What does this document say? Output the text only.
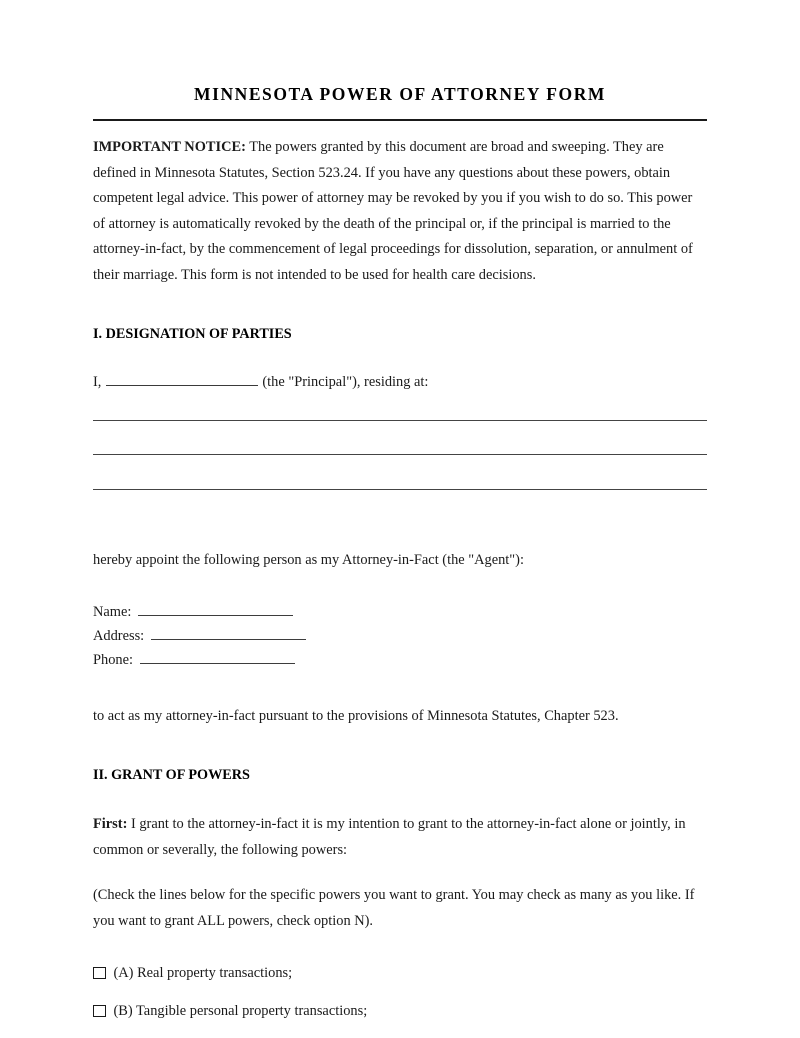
MINNESOTA POWER OF ATTORNEY FORM

IMPORTANT NOTICE: The powers granted by this document are broad and sweeping. They are defined in Minnesota Statutes, Section 523.24. If you have any questions about these powers, obtain competent legal advice. This power of attorney may be revoked by you if you wish to do so. This power of attorney is automatically revoked by the death of the principal or, if the principal is married to the attorney-in-fact, by the commencement of legal proceedings for dissolution, separation, or annulment of their marriage. This form is not intended to be used for health care decisions.

I. DESIGNATION OF PARTIES
I,	(the "Principal"), residing at:

hereby appoint the following person as my Attorney-in-Fact (the "Agent"):

Name:
Address:
Phone:

to act as my attorney-in-fact pursuant to the provisions of Minnesota Statutes, Chapter 523.

II. GRANT OF POWERS

First: I grant to the attorney-in-fact it is my intention to grant to the attorney-in-fact alone or jointly, in common or severally, the following powers:

(Check the lines below for the specific powers you want to grant. You may check as many as you like. If you want to grant ALL powers, check option N).

(A) Real property transactions;
(B) Tangible personal property transactions;
